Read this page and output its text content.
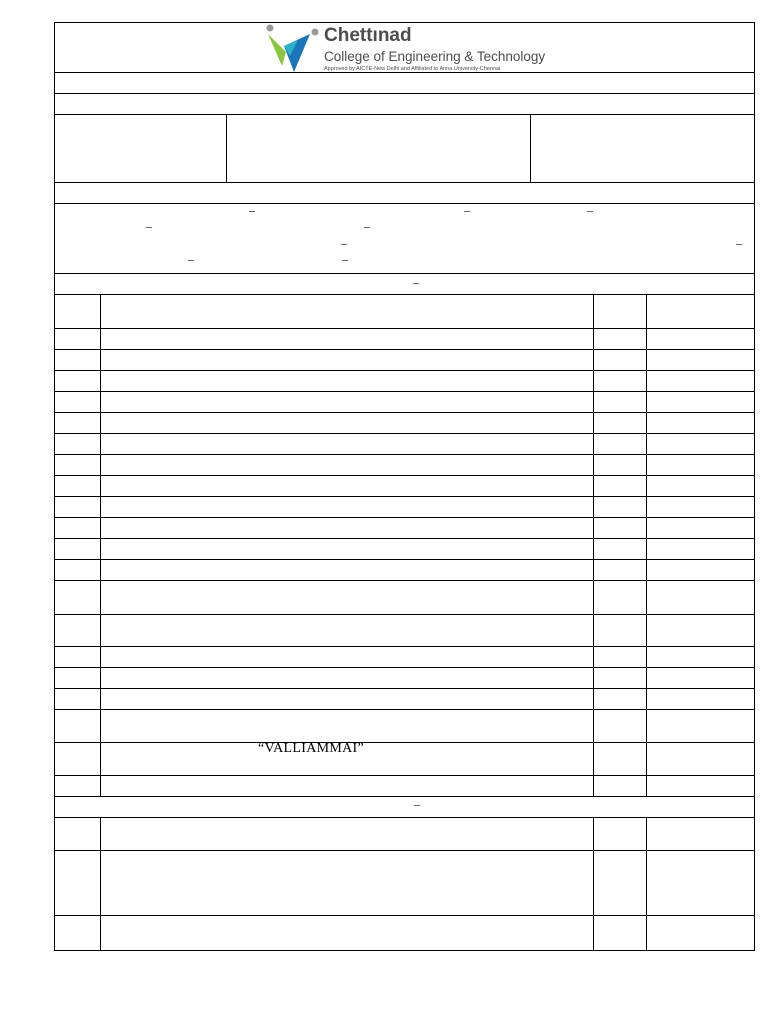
Chettınad
College of Engineering & Technology
Approved by AICTE-New Delhi and Affiliated to Anna University-Chennai
–	–	–
–	–
–	–
–	–
–
“VALLIAMMAI”
–
